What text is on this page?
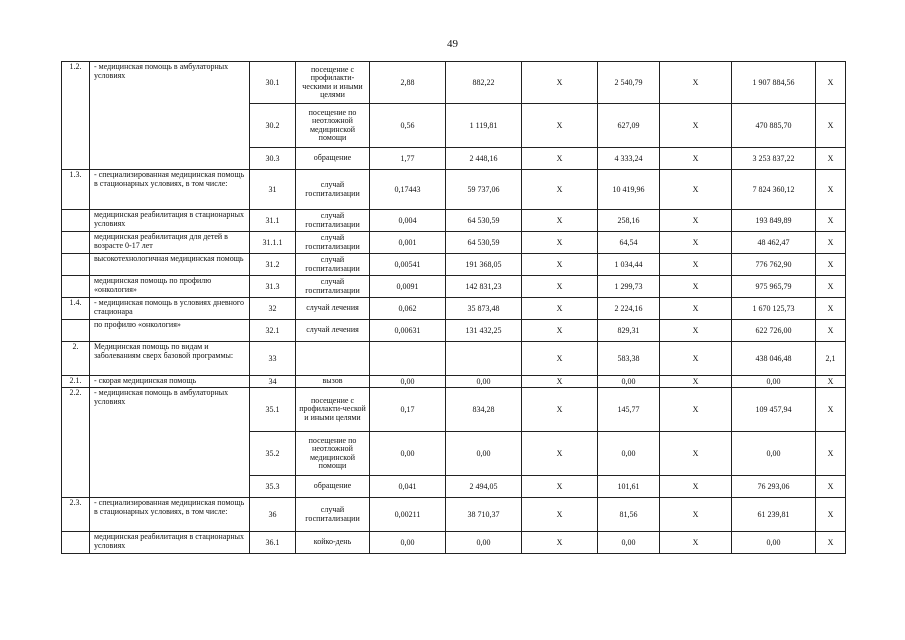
49
1.2.	- медицинская помощь в амбулаторных условиях	30.1	посещение с профилакти-ческими и иными целями	2,88	882,22	Х	2 540,79	Х	1 907 884,56	Х
		30.2	посещение по неотложной медицинской помощи	0,56	1 119,81	Х	627,09	Х	470 885,70	Х
		30.3	обращение	1,77	2 448,16	Х	4 333,24	Х	3 253 837,22	Х
1.3.	- специализированная медицинская помощь в стационарных условиях, в том числе:	31	случай госпитализации	0,17443	59 737,06	Х	10 419,96	Х	7 824 360,12	Х
	медицинская реабилитация в стационарных условиях	31.1	случай госпитализации	0,004	64 530,59	Х	258,16	Х	193 849,89	Х
	медицинская реабилитация для детей в возрасте 0-17 лет	31.1.1	случай госпитализации	0,001	64 530,59	Х	64,54	Х	48 462,47	Х
	высокотехнологичная медицинская помощь	31.2	случай госпитализации	0,00541	191 368,05	Х	1 034,44	Х	776 762,90	Х
	медицинская помощь по профилю «онкология»	31.3	случай госпитализации	0,0091	142 831,23	Х	1 299,73	Х	975 965,79	Х
1.4.	- медицинская помощь в условиях дневного стационара	32	случай лечения	0,062	35 873,48	Х	2 224,16	Х	1 670 125,73	Х
	по профилю «онкология»	32.1	случай лечения	0,00631	131 432,25	Х	829,31	Х	622 726,00	Х
2.	Медицинская помощь по видам и заболеваниям сверх базовой программы:	33				Х	583,38	Х	438 046,48	2,1
2.1.	- скорая медицинская помощь	34	вызов	0,00	0,00	Х	0,00	Х	0,00	Х
2.2.	- медицинская помощь в амбулаторных условиях	35.1	посещение с профилакти-ческой и иными целями	0,17	834,28	Х	145,77	Х	109 457,94	Х
		35.2	посещение по неотложной медицинской помощи	0,00	0,00	Х	0,00	Х	0,00	Х
		35.3	обращение	0,041	2 494,05	Х	101,61	Х	76 293,06	Х
2.3.	- специализированная медицинская помощь в стационарных условиях, в том числе:	36	случай госпитализации	0,00211	38 710,37	Х	81,56	Х	61 239,81	Х
	медицинская реабилитация в стационарных условиях	36.1	койко-день	0,00	0,00	Х	0,00	Х	0,00	Х
